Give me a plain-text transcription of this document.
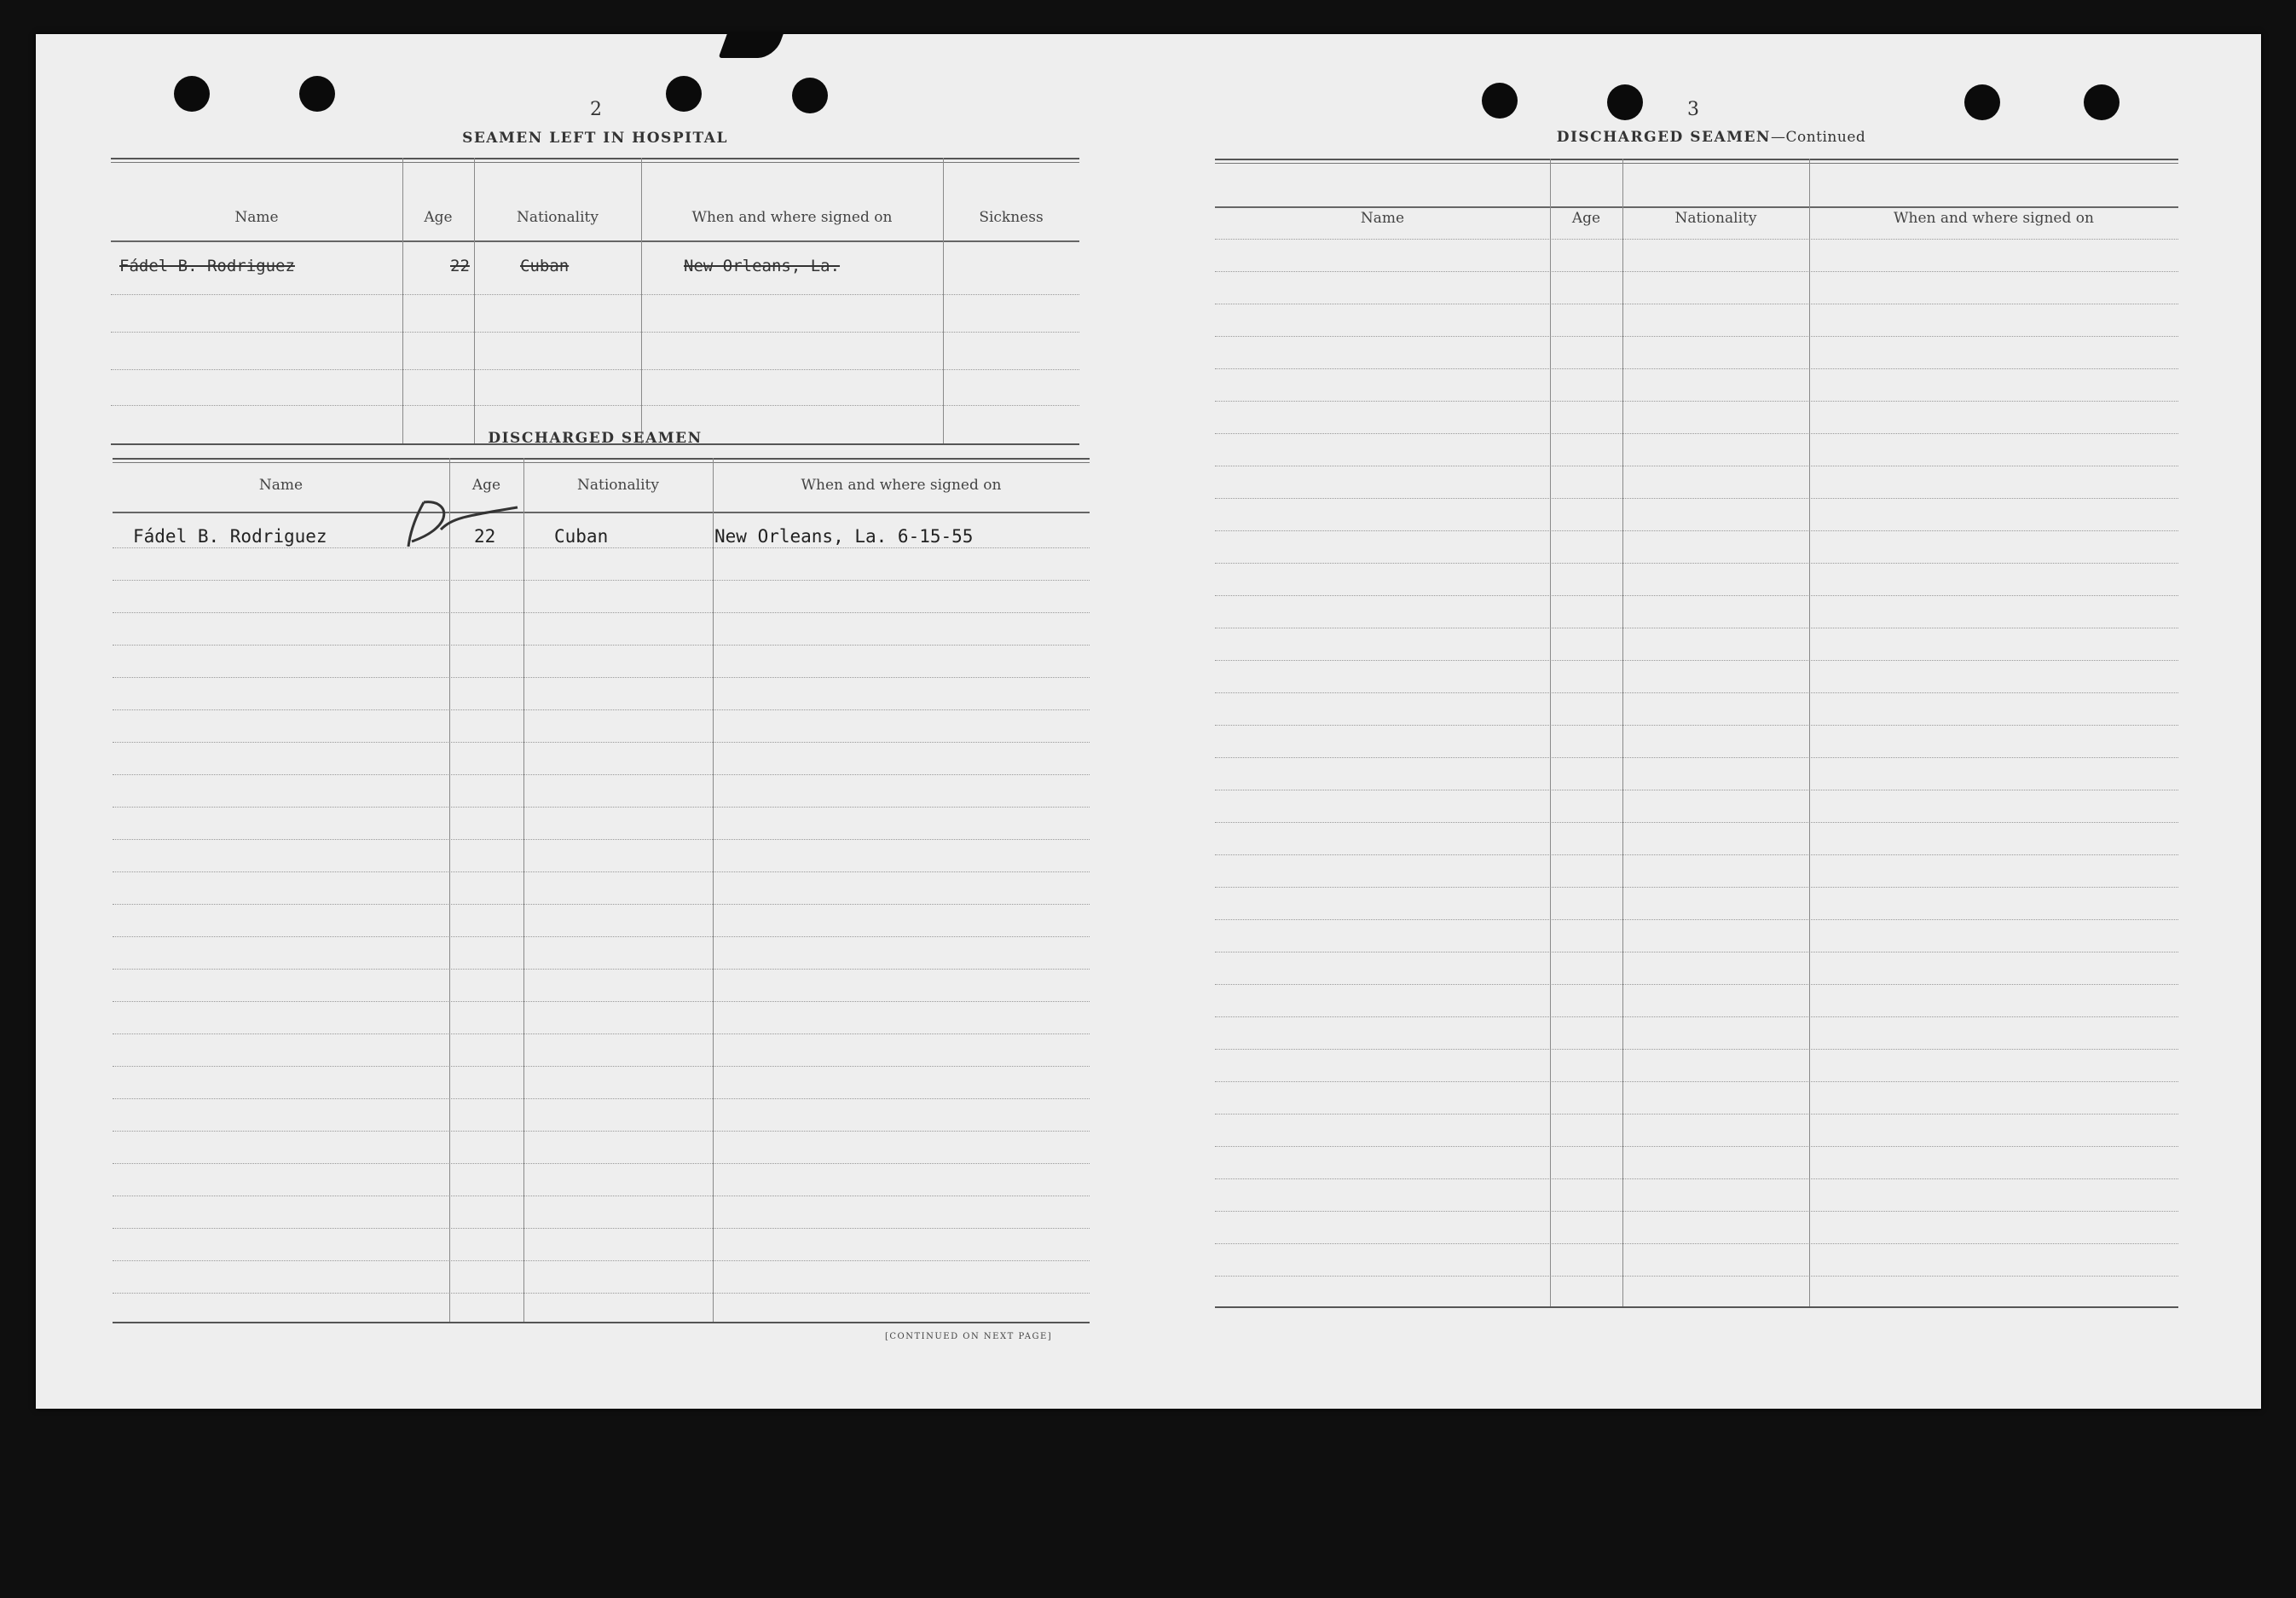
2
SEAMEN LEFT IN HOSPITAL
Name	Age	Nationality	When and where signed on	Sickness
Fádel B. Rodriguez	22	Cuban	New Orleans, La.
DISCHARGED SEAMEN
Name	Age	Nationality	When and where signed on
Fádel B. Rodriguez	22	Cuban	New Orleans, La. 6-15-55
[CONTINUED ON NEXT PAGE]
3
DISCHARGED SEAMEN—Continued
Name	Age	Nationality	When and where signed on
